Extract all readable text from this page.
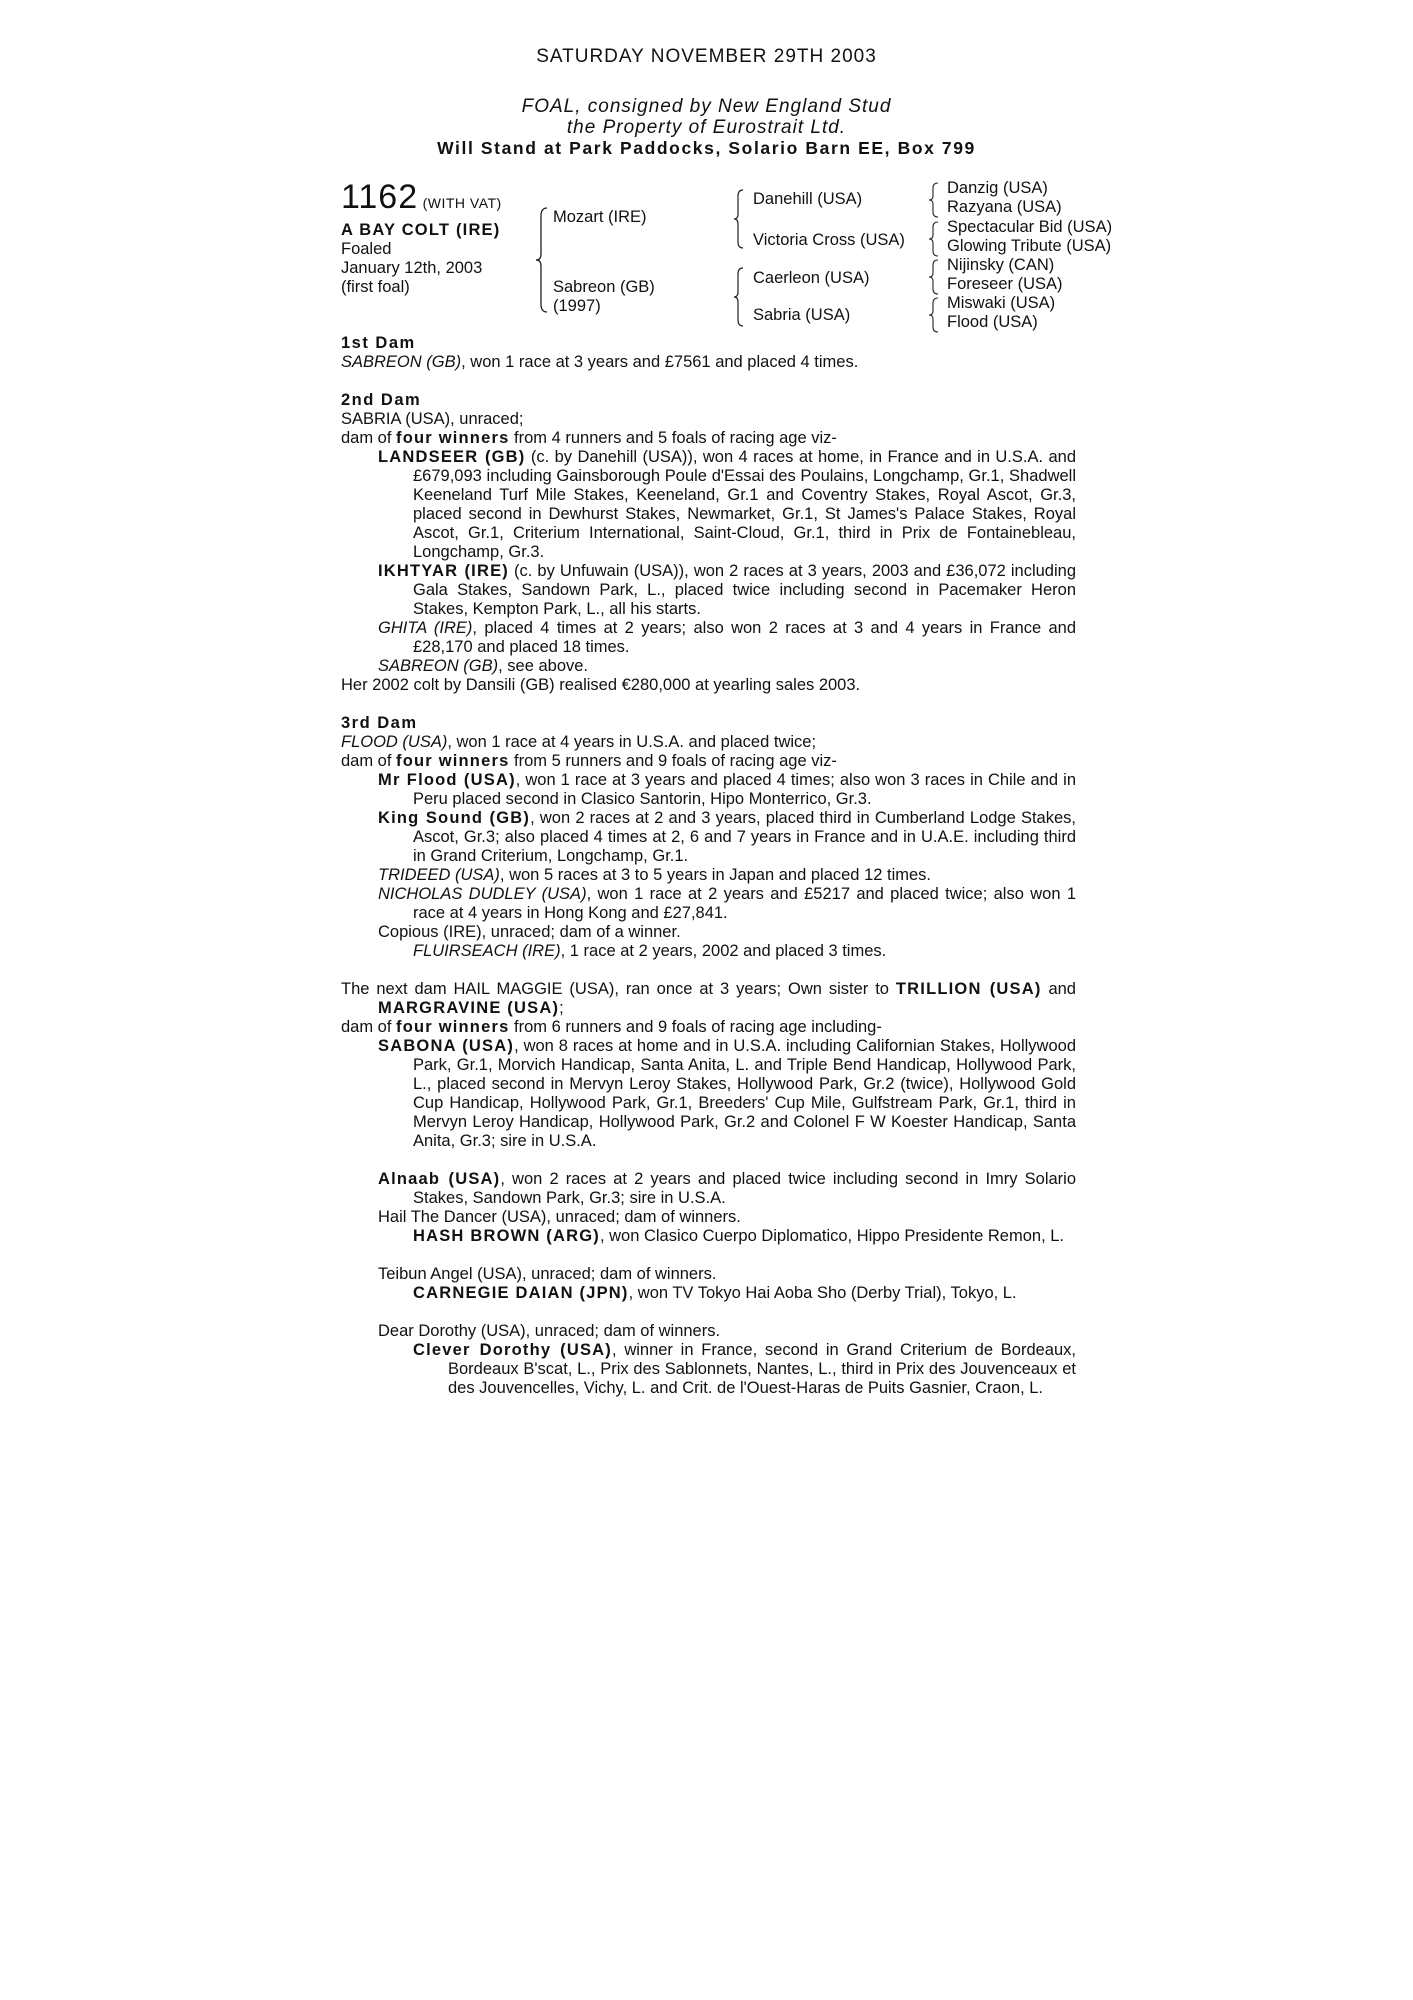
SATURDAY NOVEMBER 29TH 2003
FOAL, consigned by New England Stud
the Property of Eurostrait Ltd.
Will Stand at Park Paddocks, Solario Barn EE, Box 799
1162 (WITH VAT)
A BAY COLT (IRE)
Foaled
January 12th, 2003
(first foal)
Mozart (IRE)
Sabreon (GB)
(1997)
Danehill (USA)
Victoria Cross (USA)
Caerleon (USA)
Sabria (USA)
Danzig (USA)
Razyana (USA)
Spectacular Bid (USA)
Glowing Tribute (USA)
Nijinsky (CAN)
Foreseer (USA)
Miswaki (USA)
Flood (USA)
1st Dam
SABREON (GB), won 1 race at 3 years and £7561 and placed 4 times.
2nd Dam
SABRIA (USA), unraced;
dam of four winners from 4 runners and 5 foals of racing age viz-
LANDSEER (GB) (c. by Danehill (USA)), won 4 races at home, in France and in U.S.A. and £679,093 including Gainsborough Poule d'Essai des Poulains, Longchamp, Gr.1, Shadwell Keeneland Turf Mile Stakes, Keeneland, Gr.1 and Coventry Stakes, Royal Ascot, Gr.3, placed second in Dewhurst Stakes, Newmarket, Gr.1, St James's Palace Stakes, Royal Ascot, Gr.1, Criterium International, Saint-Cloud, Gr.1, third in Prix de Fontainebleau, Longchamp, Gr.3.
IKHTYAR (IRE) (c. by Unfuwain (USA)), won 2 races at 3 years, 2003 and £36,072 including Gala Stakes, Sandown Park, L., placed twice including second in Pacemaker Heron Stakes, Kempton Park, L., all his starts.
GHITA (IRE), placed 4 times at 2 years; also won 2 races at 3 and 4 years in France and £28,170 and placed 18 times.
SABREON (GB), see above.
Her 2002 colt by Dansili (GB) realised €280,000 at yearling sales 2003.
3rd Dam
FLOOD (USA), won 1 race at 4 years in U.S.A. and placed twice;
dam of four winners from 5 runners and 9 foals of racing age viz-
Mr Flood (USA), won 1 race at 3 years and placed 4 times; also won 3 races in Chile and in Peru placed second in Clasico Santorin, Hipo Monterrico, Gr.3.
King Sound (GB), won 2 races at 2 and 3 years, placed third in Cumberland Lodge Stakes, Ascot, Gr.3; also placed 4 times at 2, 6 and 7 years in France and in U.A.E. including third in Grand Criterium, Longchamp, Gr.1.
TRIDEED (USA), won 5 races at 3 to 5 years in Japan and placed 12 times.
NICHOLAS DUDLEY (USA), won 1 race at 2 years and £5217 and placed twice; also won 1 race at 4 years in Hong Kong and £27,841.
Copious (IRE), unraced; dam of a winner.
FLUIRSEACH (IRE), 1 race at 2 years, 2002 and placed 3 times.
The next dam HAIL MAGGIE (USA), ran once at 3 years; Own sister to TRILLION (USA) and MARGRAVINE (USA);
dam of four winners from 6 runners and 9 foals of racing age including-
SABONA (USA), won 8 races at home and in U.S.A. including Californian Stakes, Hollywood Park, Gr.1, Morvich Handicap, Santa Anita, L. and Triple Bend Handicap, Hollywood Park, L., placed second in Mervyn Leroy Stakes, Hollywood Park, Gr.2 (twice), Hollywood Gold Cup Handicap, Hollywood Park, Gr.1, Breeders' Cup Mile, Gulfstream Park, Gr.1, third in Mervyn Leroy Handicap, Hollywood Park, Gr.2 and Colonel F W Koester Handicap, Santa Anita, Gr.3; sire in U.S.A.
Alnaab (USA), won 2 races at 2 years and placed twice including second in Imry Solario Stakes, Sandown Park, Gr.3; sire in U.S.A.
Hail The Dancer (USA), unraced; dam of winners.
HASH BROWN (ARG), won Clasico Cuerpo Diplomatico, Hippo Presidente Remon, L.
Teibun Angel (USA), unraced; dam of winners.
CARNEGIE DAIAN (JPN), won TV Tokyo Hai Aoba Sho (Derby Trial), Tokyo, L.
Dear Dorothy (USA), unraced; dam of winners.
Clever Dorothy (USA), winner in France, second in Grand Criterium de Bordeaux, Bordeaux B'scat, L., Prix des Sablonnets, Nantes, L., third in Prix des Jouvenceaux et des Jouvencelles, Vichy, L. and Crit. de l'Ouest-Haras de Puits Gasnier, Craon, L.
